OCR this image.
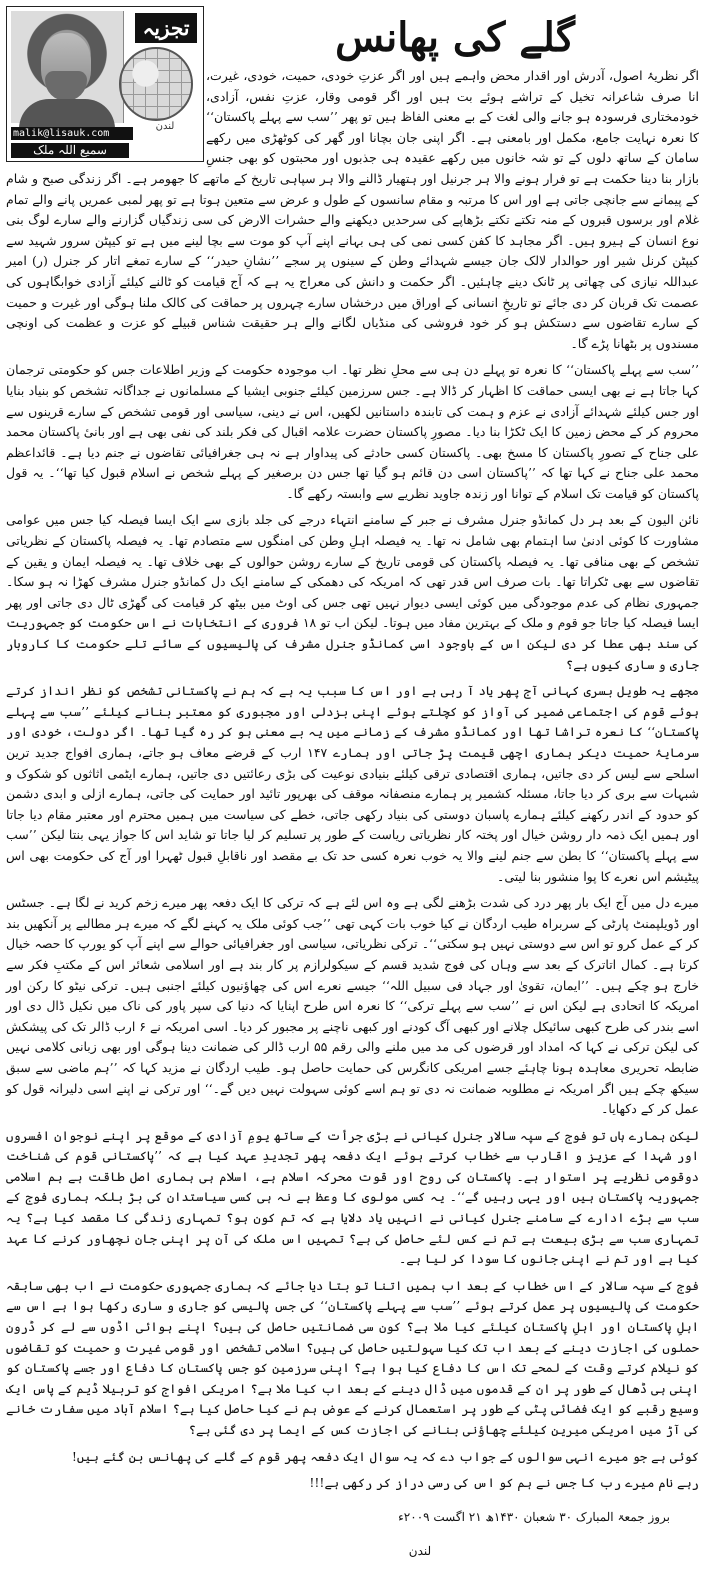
تجزیہ
لندن
malik@lisauk.com
سمیع اللہ ملک
گلے کی پھانس

اگر نظریۂ اصول، آدرش اور اقدار محض واہمے ہیں اور اگر عزتِ خودی، حمیت، خودی، غیرت، انا صرف شاعرانہ تخیل کے تراشے ہوئے بت ہیں اور اگر قومی وقار، عزتِ نفس، آزادی، خودمختاری فرسودہ ہو جانے والی لغت کے بے معنی الفاظ ہیں تو پھر ’’سب سے پہلے پاکستان‘‘ کا نعرہ نہایت جامع، مکمل اور بامعنی ہے۔ اگر اپنی جان بچانا اور گھر کی کوٹھڑی میں رکھے سامان کے ساتھ دلوں کے تو شہ خانوں میں رکھے عقیدہ ہی جذبوں اور محبتوں کو بھی جنسِ بازار بنا دینا حکمت ہے تو فرار ہونے والا ہر جرنیل اور ہتھیار ڈالنے والا ہر سپاہی تاریخ کے ماتھے کا جھومر ہے۔ اگر زندگی صبح و شام کے پیمانے سے جانچی جاتی ہے اور اس کا مرتبہ و مقام سانسوں کے طول و عرض سے متعین ہوتا ہے تو پھر لمبی عمریں پانے والے تمام غلام اور برسوں قبروں کے منہ تکتے تکتے بڑھاپے کی سرحدیں دیکھنے والے حشرات الارض کی سی زندگیاں گزارنے والے سارے لوگ بنی نوع انسان کے ہیرو ہیں۔ اگر مجاہد کا کفن کسی نمی کی ہی بہانے اپنے آپ کو موت سے بچا لینے میں ہے تو کیپٹن سرور شہید سے کیپٹن کرنل شیر اور حوالدار لالک جان جیسے شہدائے وطن کے سینوں پر سجے ’’نشانِ حیدر‘‘ کے سارے تمغے اتار کر جنرل (ر) امیر عبداللہ نیازی کی چھاتی پر ٹانک دینے چاہئیں۔ اگر حکمت و دانش کی معراج یہ ہے کہ آج قیامت کو ٹالنے کیلئے آزادی خوابگاہوں کی عصمت تک قربان کر دی جائے تو تاریخِ انسانی کے اوراق میں درخشاں سارے چہروں پر حماقت کی کالک ملنا ہوگی اور غیرت و حمیت کے سارے تقاضوں سے دستکش ہو کر خود فروشی کی منڈیاں لگانے والے ہر حقیقت شناس قبیلے کو عزت و عظمت کی اونچی مسندوں پر بٹھانا پڑے گا۔

’’سب سے پہلے پاکستان‘‘ کا نعرہ تو پہلے دن ہی سے محلِ نظر تھا۔ اب موجودہ حکومت کے وزیر اطلاعات جس کو حکومتی ترجمان کہا جاتا ہے نے بھی ایسی حماقت کا اظہار کر ڈالا ہے۔ جس سرزمین کیلئے جنوبی ایشیا کے مسلمانوں نے جداگانہ تشخص کو بنیاد بنایا اور جس کیلئے شہدائے آزادی نے عزم و ہمت کی تابندہ داستانیں لکھیں، اس نے دینی، سیاسی اور قومی تشخص کے سارے قرینوں سے محروم کر کے محض زمین کا ایک ٹکڑا بنا دیا۔ مصورِ پاکستان حضرت علامہ اقبال کی فکر بلند کی نفی بھی ہے اور بانیٔ پاکستان محمد علی جناح کے تصورِ پاکستان کا مسخ بھی۔ پاکستان کسی حادثے کی پیداوار ہے نہ ہی جغرافیائی تقاضوں نے جنم دیا ہے۔ قائداعظم محمد علی جناح نے کہا تھا کہ ’’پاکستان اسی دن قائم ہو گیا تھا جس دن برصغیر کے پہلے شخص نے اسلام قبول کیا تھا‘‘۔ یہ قول پاکستان کو قیامت تک اسلام کے توانا اور زندہ جاوید نظریے سے وابستہ رکھے گا۔

نائن الیون کے بعد ہر دل کمانڈو جنرل مشرف نے جبر کے سامنے انتہاء درجے کی جلد بازی سے ایک ایسا فیصلہ کیا جس میں عوامی مشاورت کا کوئی ادنیٰ سا اہتمام بھی شامل نہ تھا۔ یہ فیصلہ اہلِ وطن کی امنگوں سے متصادم تھا۔ یہ فیصلہ پاکستان کے نظریاتی تشخص کے بھی منافی تھا۔ یہ فیصلہ پاکستان کی قومی تاریخ کے سارے روشن حوالوں کے بھی خلاف تھا۔ یہ فیصلہ ایمان و یقین کے تقاضوں سے بھی ٹکراتا تھا۔ بات صرف اس قدر تھی کہ امریکہ کی دھمکی کے سامنے ایک دل کمانڈو جنرل مشرف کھڑا نہ ہو سکا۔ جمہوری نظام کی عدم موجودگی میں کوئی ایسی دیوار نہیں تھی جس کی اوٹ میں بیٹھ کر قیامت کی گھڑی ٹال دی جاتی اور پھر ایسا فیصلہ کیا جاتا جو قوم و ملک کے بہترین مفاد میں ہوتا۔ لیکن اب تو ۱۸ فروری کے انتخابات نے اس حکومت کو جمہوریت کی سند بھی عطا کر دی لیکن اس کے باوجود اسی کمانڈو جنرل مشرف کی پالیسیوں کے سائے تلے حکومت کا کاروبار جاری و ساری کیوں ہے؟

مجھے یہ طویل بسری کہانی آج پھر یاد آ رہی ہے اور اس کا سبب یہ ہے کہ ہم نے پاکستانی تشخص کو نظر انداز کرتے ہوئے قوم کی اجتماعی ضمیر کی آواز کو کچلتے ہوئے اپنی بزدلی اور مجبوری کو معتبر بنانے کیلئے ’’سب سے پہلے پاکستان‘‘ کا نعرہ تراشا تھا اور کمانڈو مشرف کے زمانے میں یہ بے معنی ہو کر رہ گیا تھا۔ اگر دولت، خودی اور سرمایۂ حمیت دیکر ہماری اچھی قیمت پڑ جاتی اور ہمارے ۱۴۷ ارب کے قرضے معاف ہو جاتے، ہماری افواج جدید ترین اسلحے سے لیس کر دی جاتیں، ہماری اقتصادی ترقی کیلئے بنیادی نوعیت کی بڑی رعائتیں دی جاتیں، ہمارے ایٹمی اثاثوں کو شکوک و شبہات سے بری کر دیا جاتا، مسئلہ کشمیر پر ہمارے منصفانہ موقف کی بھرپور تائید اور حمایت کی جاتی، ہمارے ازلی و ابدی دشمن کو حدود کے اندر رکھنے کیلئے ہمارے پاسبان دوستی کی بنیاد رکھی جاتی، خطے کی سیاست میں ہمیں محترم اور معتبر مقام دیا جاتا اور ہمیں ایک ذمہ دار روشن خیال اور پختہ کار نظریاتی ریاست کے طور پر تسلیم کر لیا جاتا تو شاید اس کا جواز یہی بنتا لیکن ’’سب سے پہلے پاکستان‘‘ کا بطن سے جنم لینے والا یہ خوب نعرہ کسی حد تک بے مقصد اور ناقابلِ قبول ٹھہرا اور آج کی حکومت بھی اس پیٹیشم اس نعرے کا پوا منشور بنا لیتی۔

میرے دل میں آج ایک بار پھر درد کی شدت بڑھنے لگی ہے وہ اس لئے ہے کہ ترکی کا ایک دفعہ پھر میرے زخم کرید نے لگا ہے۔ جسٹس اور ڈویلپمنٹ پارٹی کے سربراہ طیب اردگان نے کیا خوب بات کہی تھی ’’جب کوئی ملک یہ کہنے لگے کہ میرے ہر مطالبے پر آنکھیں بند کر کے عمل کرو تو اس سے دوستی نہیں ہو سکتی‘‘۔ ترکی نظریاتی، سیاسی اور جغرافیائی حوالے سے اپنے آپ کو یورپ کا حصہ خیال کرتا ہے۔ کمال اتاترک کے بعد سے وہاں کی فوج شدید قسم کے سیکولرازم پر کار بند ہے اور اسلامی شعائر اس کے مکتبِ فکر سے خارج ہو چکے ہیں۔ ’’ایمان، تقویٰ اور جہاد فی سبیل اللہ‘‘ جیسے نعرے اس کی چھاؤنیوں کیلئے اجنبی ہیں۔ ترکی نیٹو کا رکن اور امریکہ کا اتحادی ہے لیکن اس نے ’’سب سے پہلے ترکی‘‘ کا نعرہ اس طرح اپنایا کہ دنیا کی سپر پاور کی ناک میں نکیل ڈال دی اور اسے بندر کی طرح کبھی سائیکل چلانے اور کبھی آگ کودنے اور کبھی ناچنے پر مجبور کر دیا۔ اسی امریکہ نے ۶ ارب ڈالر تک کی پیشکش کی لیکن ترکی نے کہا کہ امداد اور قرضوں کی مد میں ملنے والی رقم ۵۵ ارب ڈالر کی ضمانت دینا ہوگی اور بھی زبانی کلامی نہیں ضابطہ تحریری معاہدہ ہونا چاہئے جسے امریکی کانگرس کی حمایت حاصل ہو۔ طیب اردگان نے مزید کہا کہ ’’ہم ماضی سے سبق سیکھ چکے ہیں اگر امریکہ نے مطلوبہ ضمانت نہ دی تو ہم اسے کوئی سہولت نہیں دیں گے۔‘‘ اور ترکی نے اپنے اسی دلیرانہ قول کو عمل کر کے دکھایا۔

لیکن ہمارے ہاں تو فوج کے سپہ سالار جنرل کیانی نے بڑی جرأت کے ساتھ یومِ آزادی کے موقع پر اپنے نوجوان افسروں اور شہدا کے عزیز و اقارب سے خطاب کرتے ہوئے ایک دفعہ پھر تجدیدِ عہد کیا ہے کہ ’’پاکستانی قوم کی شناخت دوقومی نظریے پر استوار ہے۔ پاکستان کی روح اور قوت محرکہ اسلام ہے، اسلام ہی ہماری اصل طاقت ہے ہم اسلامی جمہوریہ پاکستان ہیں اور یہی رہیں گے‘‘۔ یہ کسی مولوی کا وعظ ہے نہ ہی کسی سیاستدان کی بڑ بلکہ ہماری فوج کے سب سے بڑے ادارے کے سامنے جنرل کیانی نے انہیں یاد دلایا ہے کہ تم کون ہو؟ تمہاری زندگی کا مقصد کیا ہے؟ یہ تمہاری سب سے بڑی بیعت ہے تم نے کس لئے حاصل کی ہے؟ تمہیں اس ملک کی آن پر اپنی جان نچھاور کرنے کا عہد کیا ہے اور تم نے اپنی جانوں کا سودا کر لیا ہے۔

فوج کے سپہ سالار کے اس خطاب کے بعد اب ہمیں اتنا تو بتا دیا جائے کہ ہماری جمہوری حکومت نے اب بھی سابقہ حکومت کی پالیسیوں پر عمل کرتے ہوئے ’’سب سے پہلے پاکستان‘‘ کی جس پالیسی کو جاری و ساری رکھا ہوا ہے اس سے اہلِ پاکستان اور اہلِ پاکستان کیلئے کیا ملا ہے؟ کون سی ضمانتیں حاصل کی ہیں؟ اپنے ہوائی اڈوں سے لے کر ڈرون حملوں کی اجازت دینے کے بعد اب تک کیا سہولتیں حاصل کی ہیں؟ اسلامی تشخص اور قومی غیرت و حمیت کو تقاضوں کو نیلام کرتے وقت کے لمحے تک اس کا دفاع کیا ہوا ہے؟ اپنی سرزمین کو جس پاکستان کا دفاع اور جسے پاکستان کو اپنی ہی ڈھال کے طور پر ان کے قدموں میں ڈال دینے کے بعد اب کیا ملا ہے؟ امریکی افواج کو تربیلا ڈیم کے پاس ایک وسیع رقبے کو ایک فضائی پٹی کے طور پر استعمال کرنے کے عوض ہم نے کیا حاصل کیا ہے؟ اسلام آباد میں سفارت خانے کی آڑ میں امریکی میرین کیلئے چھاؤنی بنانے کی اجازت کس کے ایما پر دی گئی ہے؟

کوئی ہے جو میرے انہی سوالوں کے جواب دے کہ یہ سوال ایک دفعہ پھر قوم کے گلے کی پھانس بن گئے ہیں!

رہے نام میرے رب کا جس نے ہم کو اس کی رسی دراز کر رکھی ہے!!!

بروز جمعۃ المبارک ۳۰ شعبان ۱۴۳۰ھ ۲۱ اگست ۲۰۰۹ء
لندن
